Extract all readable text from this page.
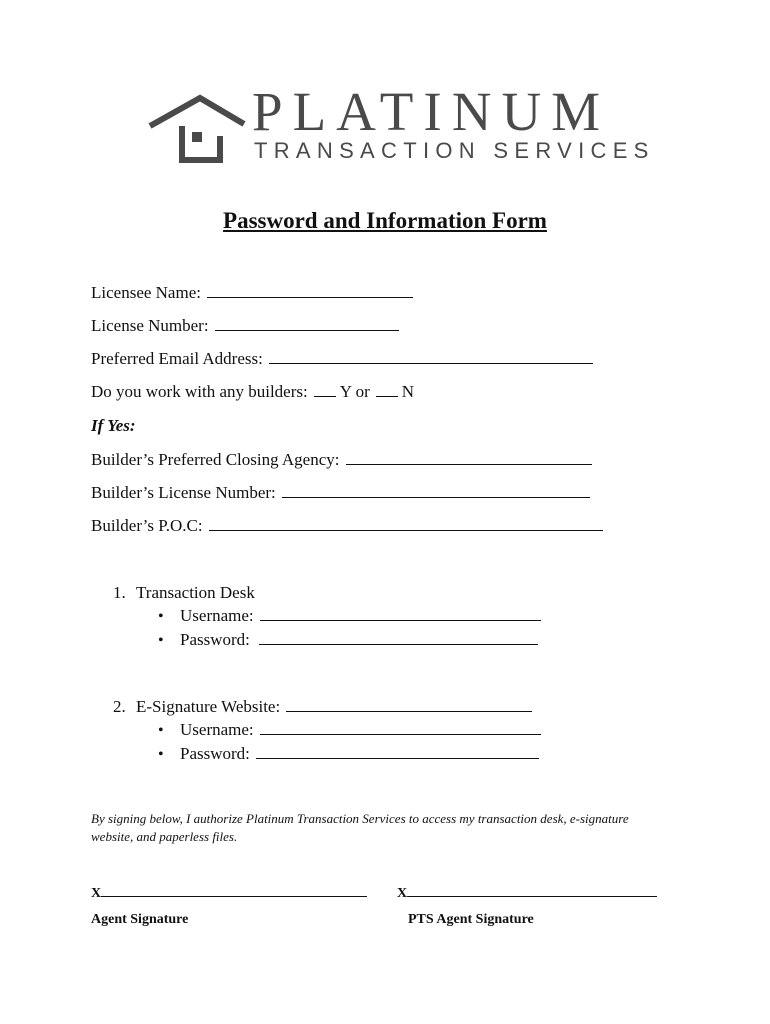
PLATINUM
TRANSACTION SERVICES
Password and Information Form
Licensee Name:
License Number:
Preferred Email Address:
Do you work with any builders: Y or N
If Yes:
Builder’s Preferred Closing Agency:
Builder’s License Number:
Builder’s P.O.C:
1. Transaction Desk
• Username:
• Password:
2. E-Signature Website:
• Username:
• Password:
By signing below, I authorize Platinum Transaction Services to access my transaction desk, e-signature website, and paperless files.
X	X
Agent Signature	PTS Agent Signature
